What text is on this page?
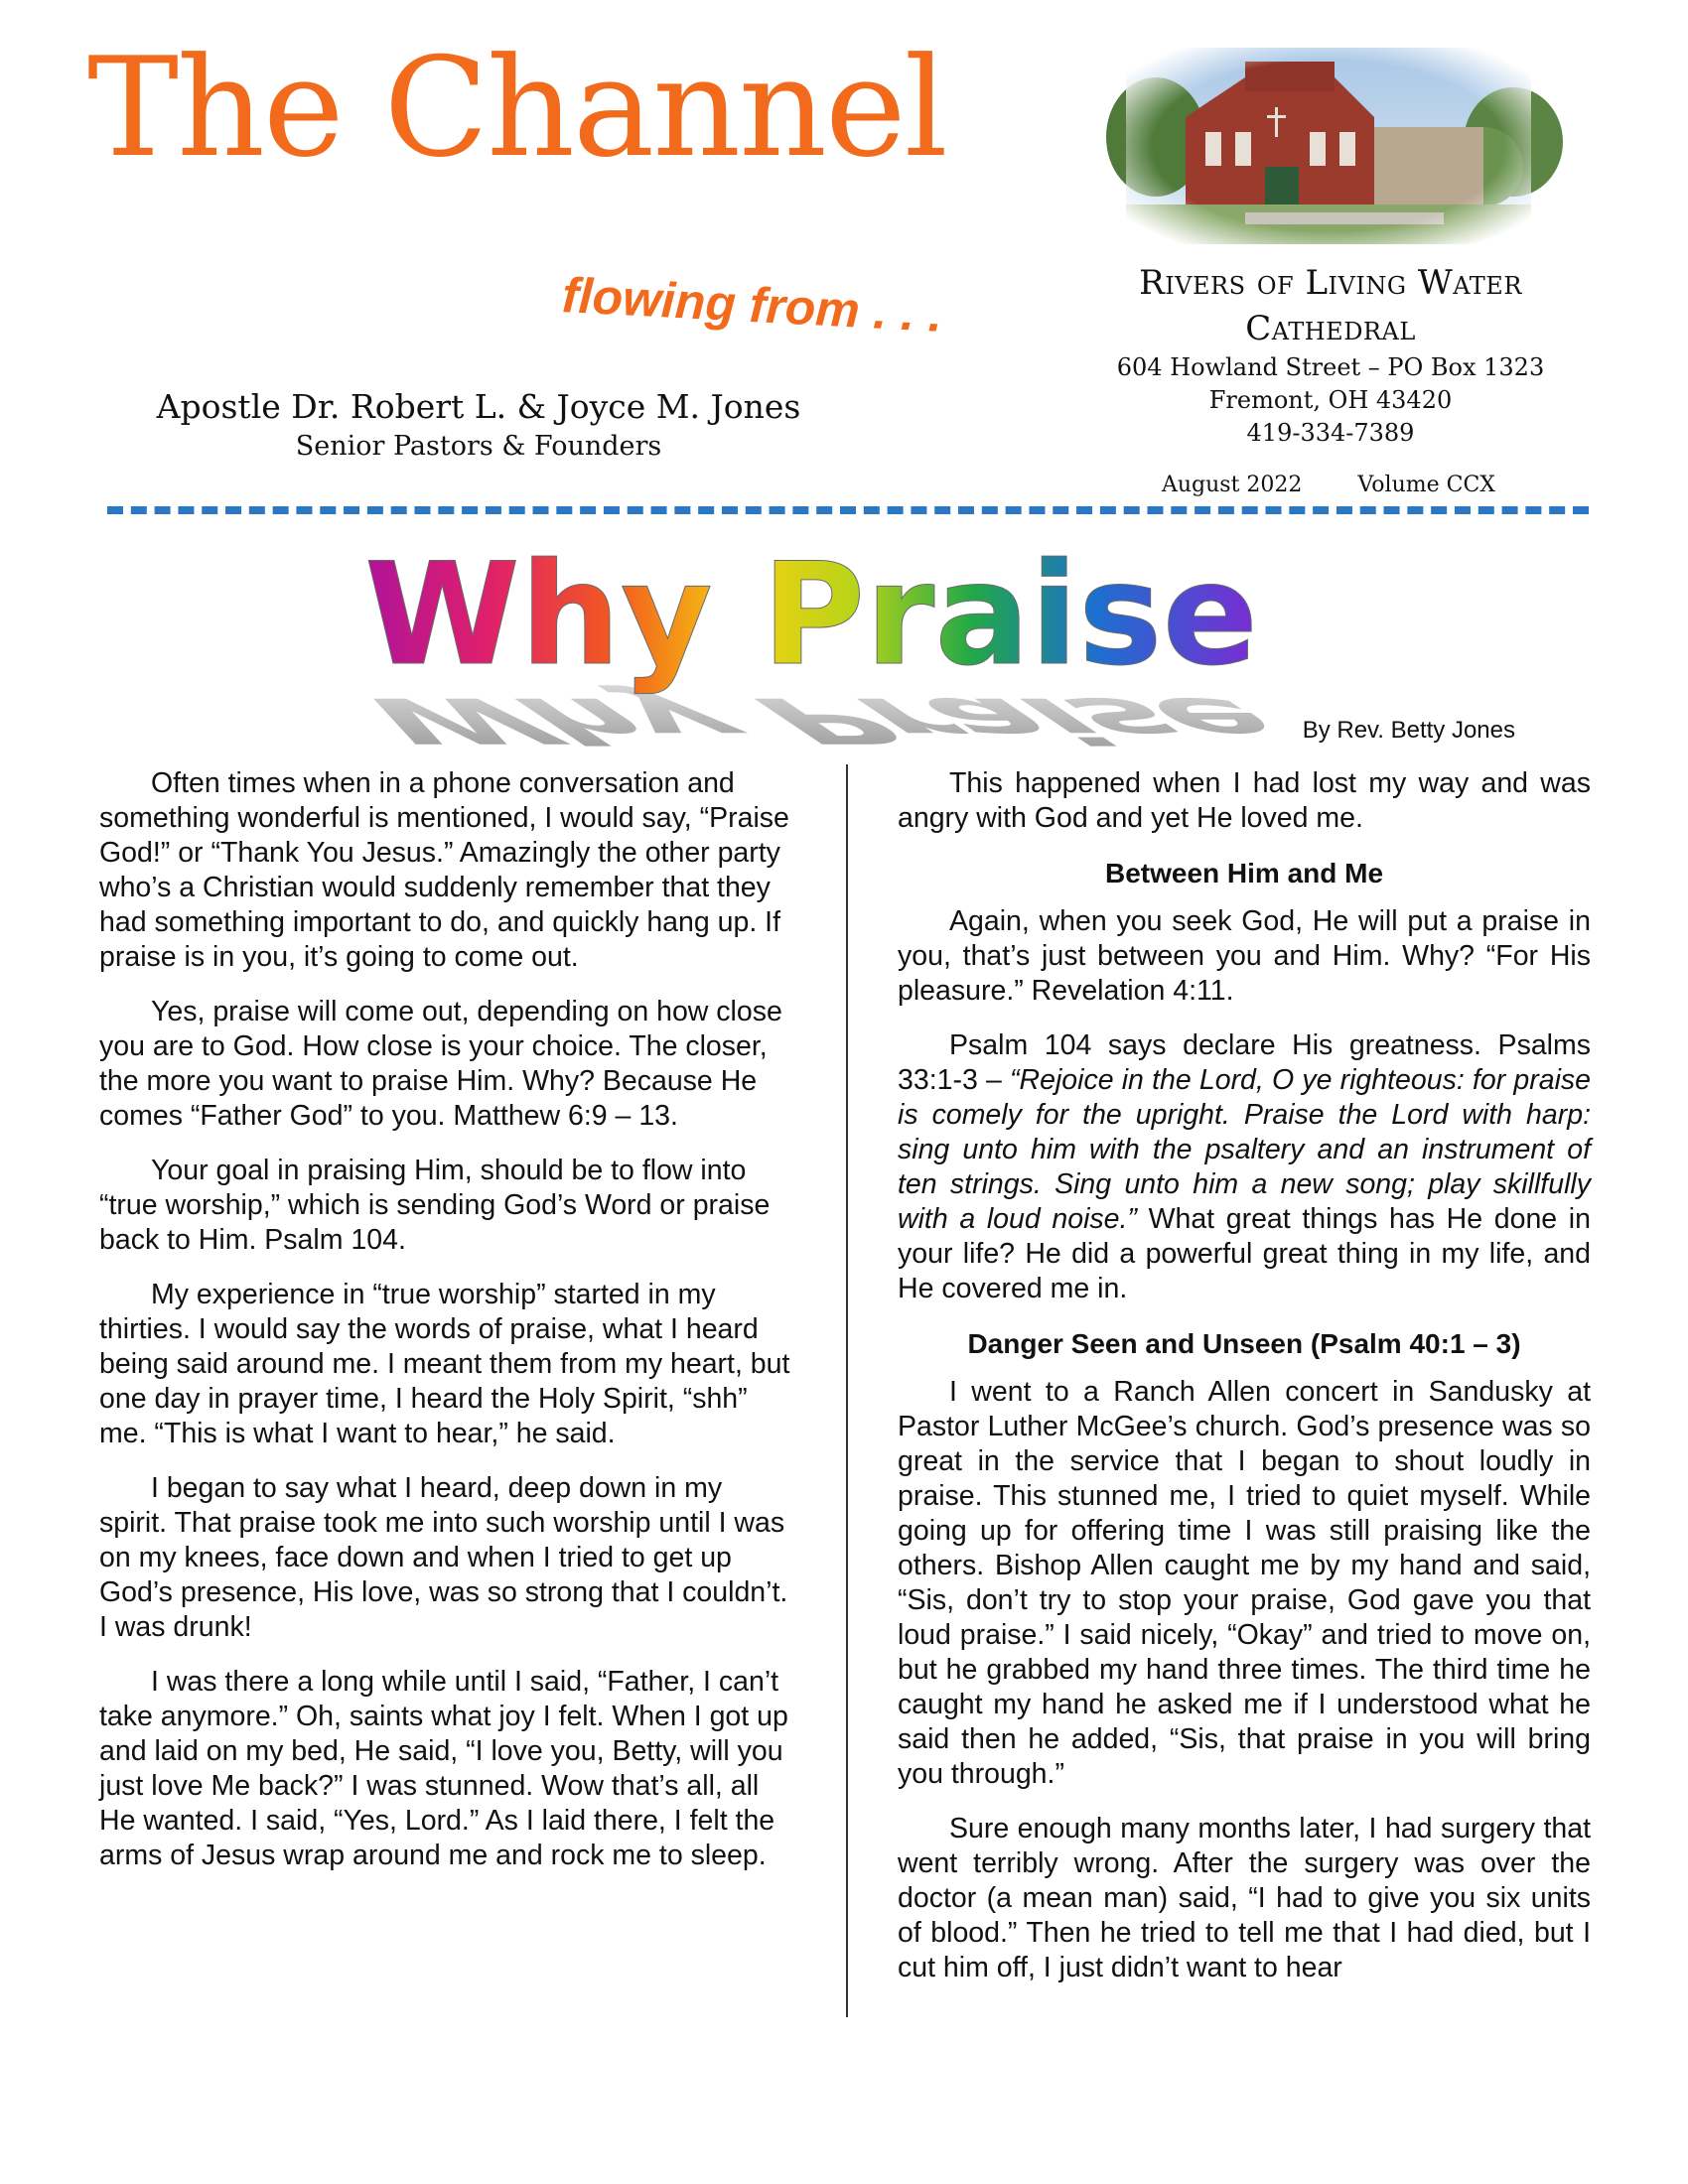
The Channel
flowing from . . .
Apostle Dr. Robert L. & Joyce M. Jones
Senior Pastors & Founders
Rivers of Living Water
Cathedral
604 Howland Street – PO Box 1323
Fremont, OH 43420
419-334-7389
August 2022	Volume CCX
Why Praise
Why Praise
By Rev. Betty Jones

Often times when in a phone conversation and something wonderful is mentioned, I would say, “Praise God!” or “Thank You Jesus.” Amazingly the other party who’s a Christian would suddenly remember that they had something important to do, and quickly hang up. If praise is in you, it’s going to come out.

Yes, praise will come out, depending on how close you are to God. How close is your choice. The closer, the more you want to praise Him. Why? Because He comes “Father God” to you. Matthew 6:9 – 13.

Your goal in praising Him, should be to flow into “true worship,” which is sending God’s Word or praise back to Him. Psalm 104.

My experience in “true worship” started in my thirties. I would say the words of praise, what I heard being said around me. I meant them from my heart, but one day in prayer time, I heard the Holy Spirit, “shh” me. “This is what I want to hear,” he said.

I began to say what I heard, deep down in my spirit. That praise took me into such worship until I was on my knees, face down and when I tried to get up God’s presence, His love, was so strong that I couldn’t. I was drunk!

I was there a long while until I said, “Father, I can’t take anymore.” Oh, saints what joy I felt. When I got up and laid on my bed, He said, “I love you, Betty, will you just love Me back?” I was stunned. Wow that’s all, all He wanted. I said, “Yes, Lord.” As I laid there, I felt the arms of Jesus wrap around me and rock me to sleep.

This happened when I had lost my way and was angry with God and yet He loved me.

Between Him and Me

Again, when you seek God, He will put a praise in you, that’s just between you and Him. Why? “For His pleasure.” Revelation 4:11.

Psalm 104 says declare His greatness. Psalms 33:1-3 – “Rejoice in the Lord, O ye righteous: for praise is comely for the upright. Praise the Lord with harp: sing unto him with the psaltery and an instrument of ten strings. Sing unto him a new song; play skillfully with a loud noise.” What great things has He done in your life? He did a powerful great thing in my life, and He covered me in.

Danger Seen and Unseen (Psalm 40:1 – 3)

I went to a Ranch Allen concert in Sandusky at Pastor Luther McGee’s church. God’s presence was so great in the service that I began to shout loudly in praise. This stunned me, I tried to quiet myself. While going up for offering time I was still praising like the others. Bishop Allen caught me by my hand and said, “Sis, don’t try to stop your praise, God gave you that loud praise.” I said nicely, “Okay” and tried to move on, but he grabbed my hand three times. The third time he caught my hand he asked me if I understood what he said then he added, “Sis, that praise in you will bring you through.”

Sure enough many months later, I had surgery that went terribly wrong. After the surgery was over the doctor (a mean man) said, “I had to give you six units of blood.” Then he tried to tell me that I had died, but I cut him off, I just didn’t want to hear
